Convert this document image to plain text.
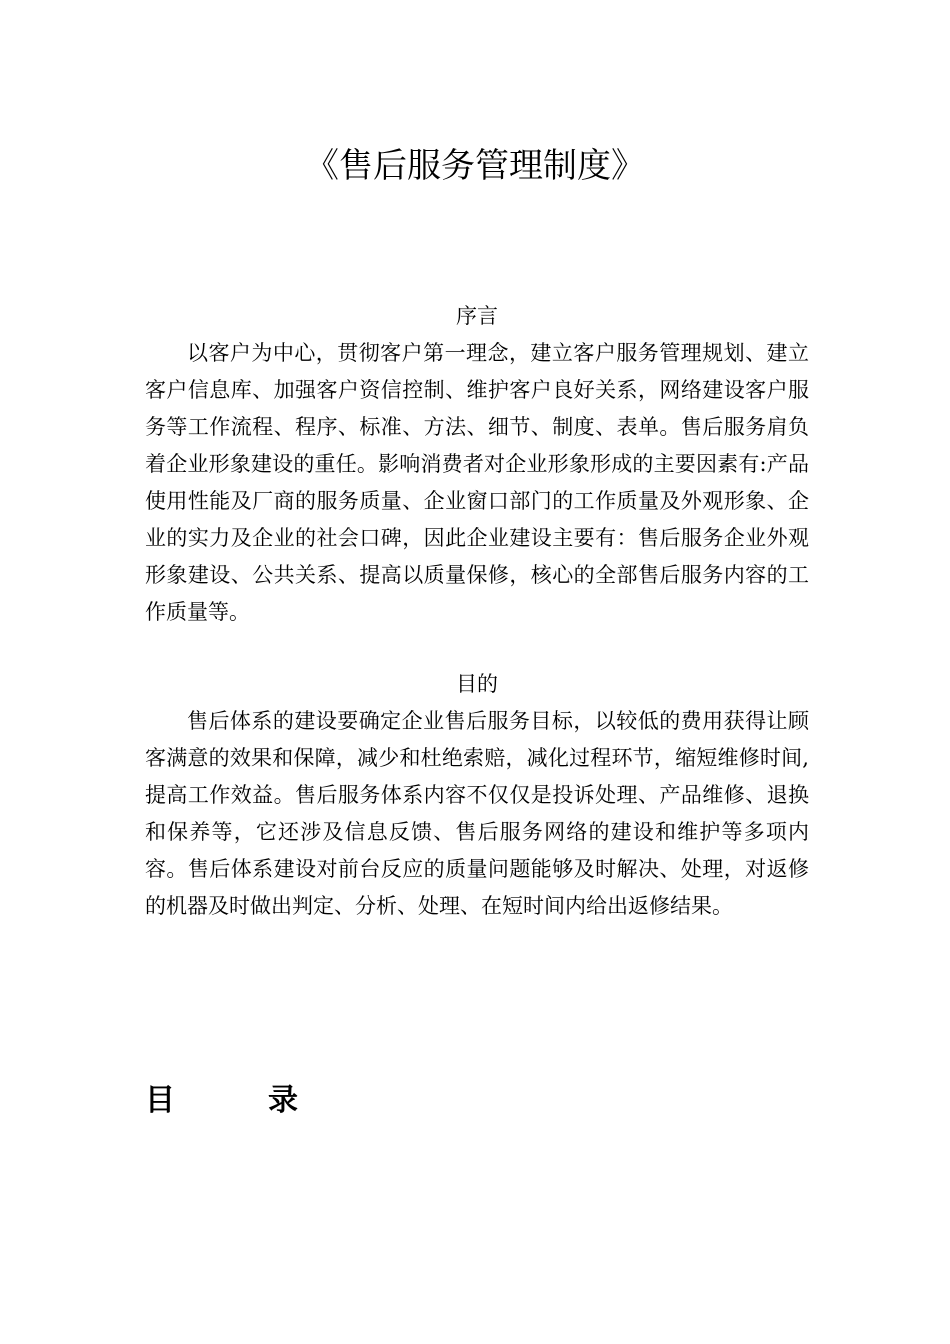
《售后服务管理制度》

序言

以客户为中心，贯彻客户第一理念，建立客户服务管理规划、建立客户信息库、加强客户资信控制、维护客户良好关系，网络建设客户服务等工作流程、程序、标准、方法、细节、制度、表单。售后服务肩负着企业形象建设的重任。影响消费者对企业形象形成的主要因素有:产品使用性能及厂商的服务质量、企业窗口部门的工作质量及外观形象、企业的实力及企业的社会口碑，因此企业建设主要有：售后服务企业外观形象建设、公共关系、提高以质量保修，核心的全部售后服务内容的工作质量等。

目的

售后体系的建设要确定企业售后服务目标，以较低的费用获得让顾客满意的效果和保障，减少和杜绝索赔，减化过程环节，缩短维修时间,提高工作效益。售后服务体系内容不仅仅是投诉处理、产品维修、退换和保养等，它还涉及信息反馈、售后服务网络的建设和维护等多项内容。售后体系建设对前台反应的质量问题能够及时解决、处理，对返修的机器及时做出判定、分析、处理、在短时间内给出返修结果。

目	录
